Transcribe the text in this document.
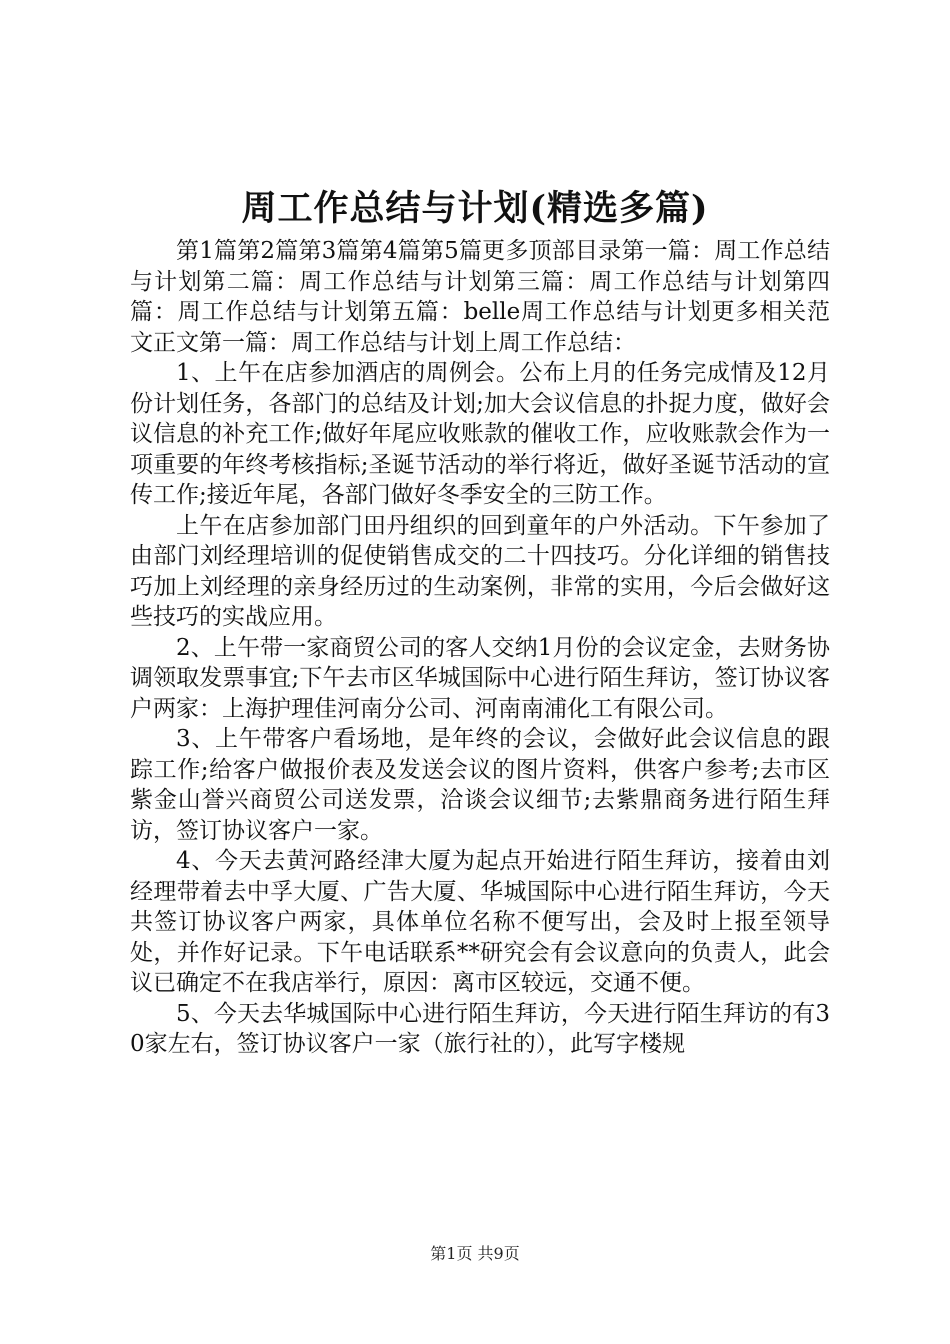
周工作总结与计划(精选多篇)

第1篇第2篇第3篇第4篇第5篇更多顶部目录第一篇：周工作总结与计划第二篇：周工作总结与计划第三篇：周工作总结与计划第四篇：周工作总结与计划第五篇：belle周工作总结与计划更多相关范文正文第一篇：周工作总结与计划上周工作总结：

1、上午在店参加酒店的周例会。公布上月的任务完成情及12月份计划任务，各部门的总结及计划;加大会议信息的扑捉力度，做好会议信息的补充工作;做好年尾应收账款的催收工作，应收账款会作为一项重要的年终考核指标;圣诞节活动的举行将近，做好圣诞节活动的宣传工作;接近年尾，各部门做好冬季安全的三防工作。

上午在店参加部门田丹组织的回到童年的户外活动。下午参加了由部门刘经理培训的促使销售成交的二十四技巧。分化详细的销售技巧加上刘经理的亲身经历过的生动案例，非常的实用，今后会做好这些技巧的实战应用。

2、上午带一家商贸公司的客人交纳1月份的会议定金，去财务协调领取发票事宜;下午去市区华城国际中心进行陌生拜访，签订协议客户两家：上海护理佳河南分公司、河南南浦化工有限公司。

3、上午带客户看场地，是年终的会议，会做好此会议信息的跟踪工作;给客户做报价表及发送会议的图片资料，供客户参考;去市区紫金山誉兴商贸公司送发票，洽谈会议细节;去紫鼎商务进行陌生拜访，签订协议客户一家。

4、今天去黄河路经津大厦为起点开始进行陌生拜访，接着由刘经理带着去中孚大厦、广告大厦、华城国际中心进行陌生拜访，今天共签订协议客户两家，具体单位名称不便写出，会及时上报至领导处，并作好记录。下午电话联系**研究会有会议意向的负责人，此会议已确定不在我店举行，原因：离市区较远，交通不便。

5、今天去华城国际中心进行陌生拜访，今天进行陌生拜访的有30家左右，签订协议客户一家（旅行社的），此写字楼规

第1页 共9页
